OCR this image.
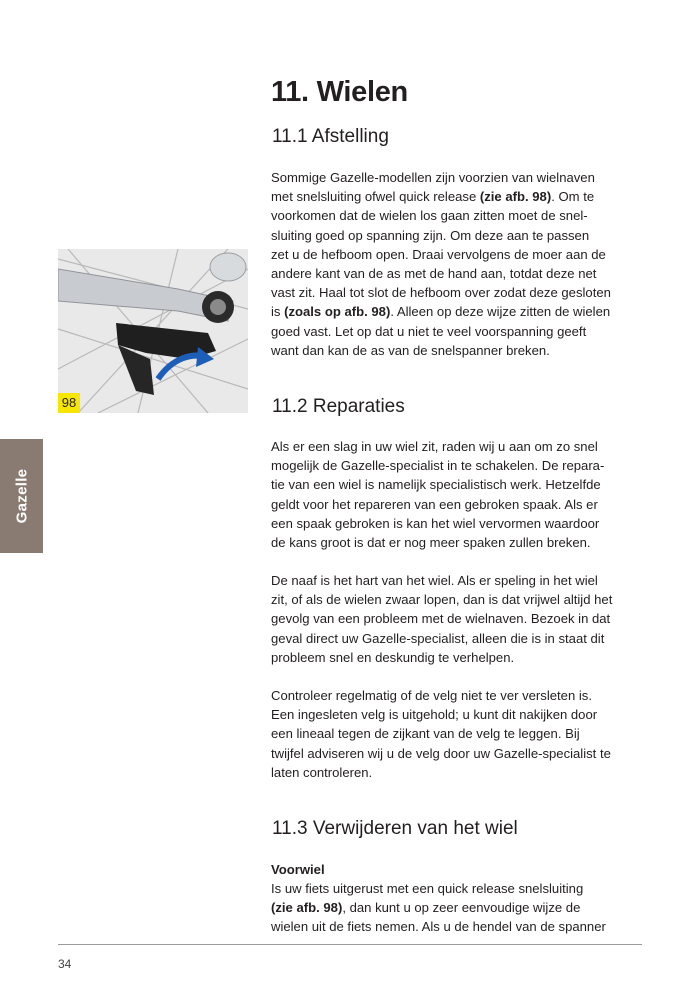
11. Wielen
11.1 Afstelling
Sommige Gazelle-modellen zijn voorzien van wielnaven
met snelsluiting ofwel quick release (zie afb. 98). Om te
voorkomen dat de wielen los gaan zitten moet de snel-
sluiting goed op spanning zijn. Om deze aan te passen
zet u de hefboom open. Draai vervolgens de moer aan de
andere kant van de as met de hand aan, totdat deze net
vast zit. Haal tot slot de hefboom over zodat deze gesloten
is (zoals op afb. 98). Alleen op deze wijze zitten de wielen
goed vast. Let op dat u niet te veel voorspanning geeft
want dan kan de as van de snelspanner breken.
11.2 Reparaties
Als er een slag in uw wiel zit, raden wij u aan om zo snel
mogelijk de Gazelle-specialist in te schakelen. De repara-
tie van een wiel is namelijk specialistisch werk. Hetzelfde
geldt voor het repareren van een gebroken spaak. Als er
een spaak gebroken is kan het wiel vervormen waardoor
de kans groot is dat er nog meer spaken zullen breken.
De naaf is het hart van het wiel. Als er speling in het wiel
zit, of als de wielen zwaar lopen, dan is dat vrijwel altijd het
gevolg van een probleem met de wielnaven. Bezoek in dat
geval direct uw Gazelle-specialist, alleen die is in staat dit
probleem snel en deskundig te verhelpen.
Controleer regelmatig of de velg niet te ver versleten is.
Een ingesleten velg is uitgehold; u kunt dit nakijken door
een lineaal tegen de zijkant van de velg te leggen. Bij
twijfel adviseren wij u de velg door uw Gazelle-specialist te
laten controleren.
11.3 Verwijderen van het wiel
Voorwiel
Is uw fiets uitgerust met een quick release snelsluiting
(zie afb. 98), dan kunt u op zeer eenvoudige wijze de
wielen uit de fiets nemen. Als u de hendel van de spanner
Gazelle
98
34
